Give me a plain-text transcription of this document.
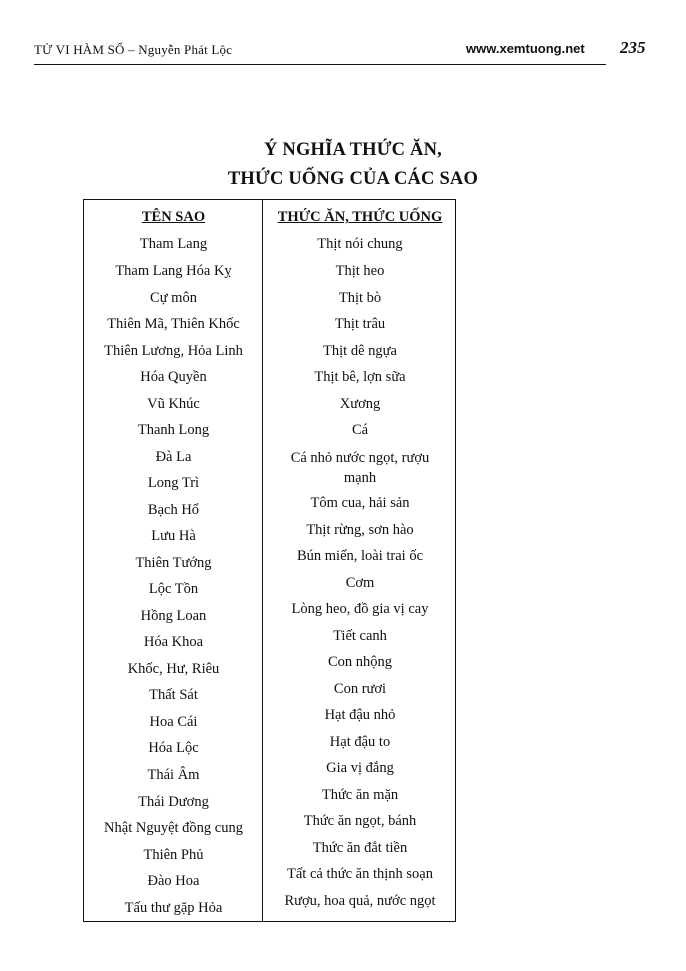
TỬ VI HÀM SỐ – Nguyễn Phát Lộc	www.xemtuong.net 235
Ý NGHĨA THỨC ĂN,
THỨC UỐNG CỦA CÁC SAO
TÊN SAO	THỨC ĂN, THỨC UỐNG
Tham Lang
Tham Lang Hóa Kỵ
Cự môn
Thiên Mã, Thiên Khốc
Thiên Lương, Hỏa Linh
Hóa Quyền
Vũ Khúc
Thanh Long
Đà La
Long Trì
Bạch Hổ
Lưu Hà
Thiên Tướng
Lộc Tồn
Hồng Loan
Hóa Khoa
Khốc, Hư, Riêu
Thất Sát
Hoa Cái
Hóa Lộc
Thái Âm
Thái Dương
Nhật Nguyệt đồng cung
Thiên Phủ
Đào Hoa
Tấu thư gặp Hỏa
Thịt nói chung
Thịt heo
Thịt bò
Thịt trâu
Thịt dê ngựa
Thịt bê, lợn sữa
Xương
Cá
Cá nhỏ nước ngọt, rượu mạnh
Tôm cua, hải sản
Thịt rừng, sơn hào
Bún miến, loài trai ốc
Cơm
Lòng heo, đồ gia vị cay
Tiết canh
Con nhộng
Con rươi
Hạt đậu nhỏ
Hạt đậu to
Gia vị đắng
Thức ăn mặn
Thức ăn ngọt, bánh
Thức ăn đắt tiền
Tất cả thức ăn thịnh soạn
Rượu, hoa quả, nước ngọt
